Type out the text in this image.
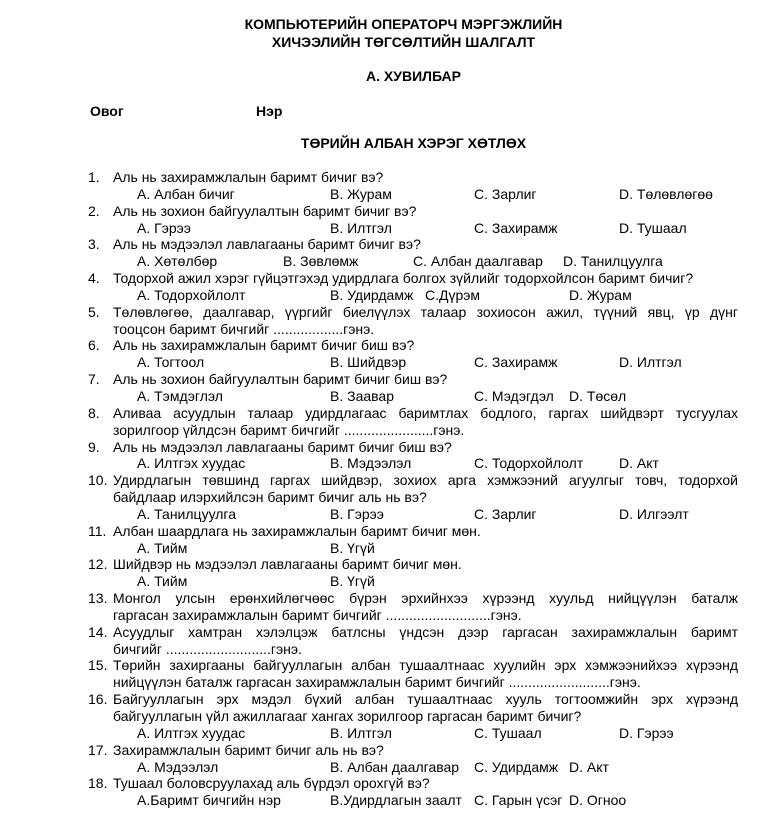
КОМПЬЮТЕРИЙН ОПЕРАТОРЧ МЭРГЭЖЛИЙН
ХИЧЭЭЛИЙН ТӨГСӨЛТИЙН ШАЛГАЛТ
А. ХУВИЛБАР
Овог	Нэр
ТӨРИЙН АЛБАН ХЭРЭГ ХӨТЛӨХ
1. Аль нь захирамжлалын баримт бичиг вэ?
А. Албан бичиг	В. Журам	С. Зарлиг	D. Төлөвлөгөө
2. Аль нь зохион байгуулалтын баримт бичиг вэ?
А. Гэрээ	В. Илтгэл	С. Захирамж	D. Тушаал
3. Аль нь мэдээлэл лавлагааны баримт бичиг вэ?
А. Хөтөлбөр	В. Зөвлөмж	С. Албан даалгавар D. Танилцуулга
4. Тодорхой ажил хэрэг гүйцэтгэхэд удирдлага болгох зүйлийг тодорхойлсон баримт бичиг?
А. Тодорхойлолт	В. Удирдамж С.Дүрэм	D. Журам
5. Төлөвлөгөө, даалгавар, үүргийг биелүүлэх талаар зохиосон ажил, түүний явц, үр дүнг
тооцсон баримт бичгийг ..................гэнэ.
6. Аль нь захирамжлалын баримт бичиг биш вэ?
А. Тогтоол	В. Шийдвэр	С. Захирамж	D. Илтгэл
7. Аль нь зохион байгуулалтын баримт бичиг биш вэ?
А. Тэмдэглэл	В. Заавар	С. Мэдэгдэл D. Төсөл
8. Аливаа асуудлын талаар удирдлагаас баримтлах бодлого, гаргах шийдвэрт тусгуулах
зорилгоор үйлдсэн баримт бичгийг .......................гэнэ.
9. Аль нь мэдээлэл лавлагааны баримт бичиг биш вэ?
А. Илтгэх хуудас	В. Мэдээлэл	С. Тодорхойлолт	D. Акт
10. Удирдлагын төвшинд гаргах шийдвэр, зохиох арга хэмжээний агуулгыг товч, тодорхой
байдлаар илэрхийлсэн баримт бичиг аль нь вэ?
А. Танилцуулга	В. Гэрээ	С. Зарлиг	D. Илгээлт
11. Албан шаардлага нь захирамжлалын баримт бичиг мөн.
А. Тийм	В. Үгүй
12. Шийдвэр нь мэдээлэл лавлагааны баримт бичиг мөн.
А. Тийм	В. Үгүй
13. Монгол улсын ерөнхийлөгчөөс бүрэн эрхийнхээ хүрээнд хуульд нийцүүлэн баталж
гаргасан захирамжлалын баримт бичгийг ...........................гэнэ.
14. Асуудлыг хамтран хэлэлцэж батлсны үндсэн дээр гаргасан захирамжлалын баримт
бичгийг ...........................гэнэ.
15. Төрийн захиргааны байгууллагын албан тушаалтнаас хуулийн эрх хэмжээнийхээ хүрээнд
нийцүүлэн баталж гаргасан захирамжлалын баримт бичгийг ..........................гэнэ.
16. Байгууллагын эрх мэдэл бүхий албан тушаалтнаас хууль тогтоомжийн эрх хүрээнд
байгууллагын үйл ажиллагааг хангах зорилгоор гаргасан баримт бичиг?
А. Илтгэх хуудас	В. Илтгэл	С. Тушаал	D. Гэрээ
17. Захирамжлалын баримт бичиг аль нь вэ?
А. Мэдээлэл	В. Албан даалгавар С. Удирдамж D. Акт
18. Тушаал боловсруулахад аль бүрдэл орохгүй вэ?
А.Баримт бичгийн нэр	В.Удирдлагын заалт С. Гарын үсэг D. Огноо
